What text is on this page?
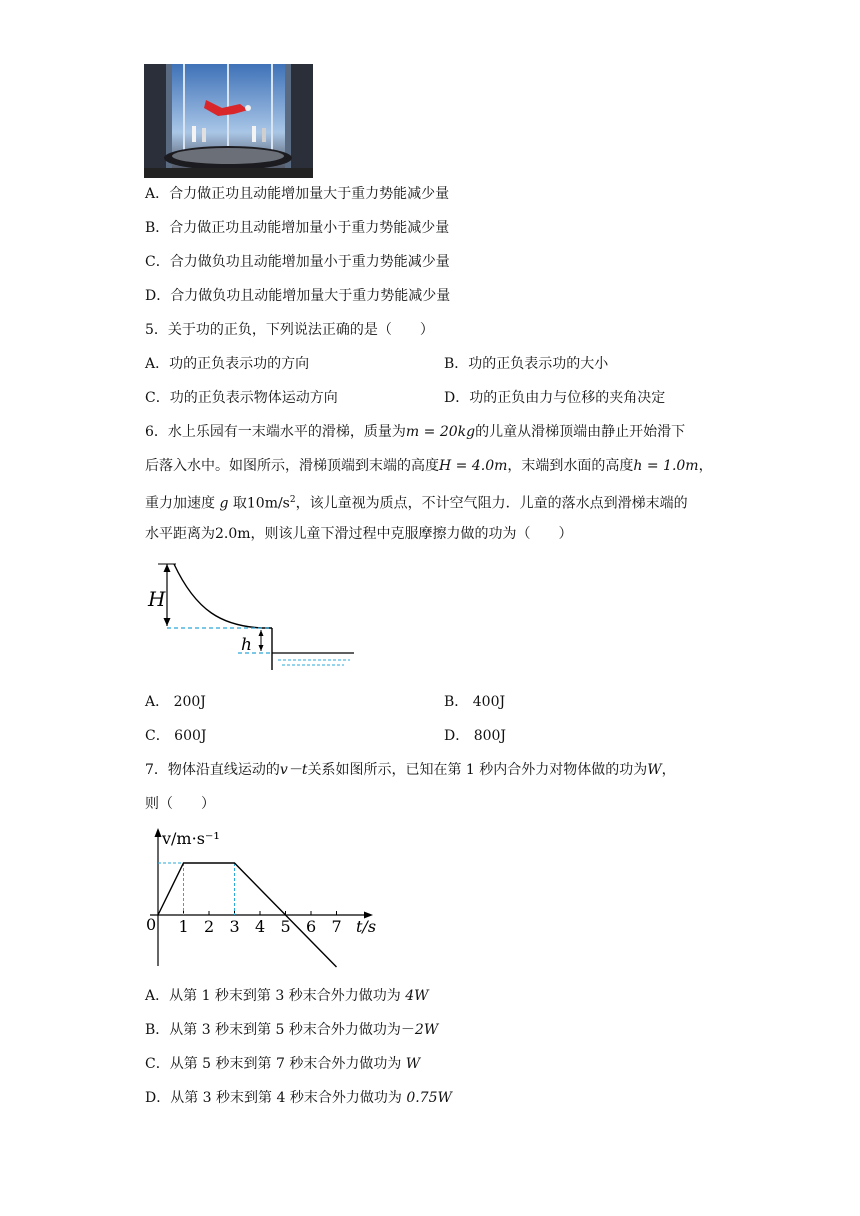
A．合力做正功且动能增加量大于重力势能减少量
B．合力做正功且动能增加量小于重力势能减少量
C．合力做负功且动能增加量小于重力势能减少量
D．合力做负功且动能增加量大于重力势能减少量
5．关于功的正负，下列说法正确的是（　　）
A．功的正负表示功的方向	B．功的正负表示功的大小
C．功的正负表示物体运动方向	D．功的正负由力与位移的夹角决定
6．水上乐园有一末端水平的滑梯，质量为m = 20kg的儿童从滑梯顶端由静止开始滑下
后落入水中。如图所示，滑梯顶端到末端的高度H = 4.0m，末端到水面的高度h = 1.0m，
重力加速度 g 取$10m/s^2$，该儿童视为质点，不计空气阻力．儿童的落水点到滑梯末端的
水平距离为2.0m，则该儿童下滑过程中克服摩擦力做的功为（　　）
H
h
A． 200J	B． 400J
C． 600J	D． 800J
7．物体沿直线运动的v－t关系如图所示，已知在第 1 秒内合外力对物体做的功为W，
则（　　）
v/m·s⁻¹
t/s
0 1 2 3 4 5 6 7
A．从第 1 秒末到第 3 秒末合外力做功为 4W
B．从第 3 秒末到第 5 秒末合外力做功为－2W
C．从第 5 秒末到第 7 秒末合外力做功为 W
D．从第 3 秒末到第 4 秒末合外力做功为 0.75W
